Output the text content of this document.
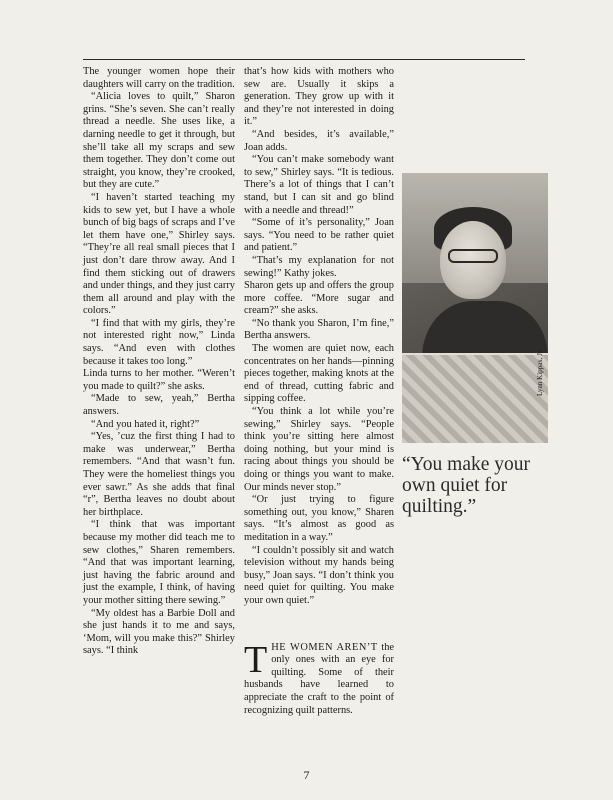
The younger women hope their daughters will carry on the tradition.

“Alicia loves to quilt,” Sharon grins. “She’s seven. She can’t really thread a needle. She uses like, a darning needle to get it through, but she’ll take all my scraps and sew them together. They don’t come out straight, you know, they’re crooked, but they are cute.”

“I haven’t started teaching my kids to sew yet, but I have a whole bunch of big bags of scraps and I’ve let them have one,” Shirley says. “They’re all real small pieces that I just don’t dare throw away. And I find them sticking out of drawers and under things, and they just carry them all around and play with the colors.”

“I find that with my girls, they’re not interested right now,” Linda says. “And even with clothes because it takes too long.”

Linda turns to her mother. “Weren’t you made to quilt?” she asks.

“Made to sew, yeah,” Bertha answers.

“And you hated it, right?”

“Yes, ’cuz the first thing I had to make was underwear,” Bertha remembers. “And that wasn’t fun. They were the homeliest things you ever sawr.” As she adds that final “r”, Bertha leaves no doubt about her birthplace.

“I think that was important because my mother did teach me to sew clothes,” Sharen remembers. “And that was important learning, just having the fabric around and just the example, I think, of having your mother sitting there sewing.”

“My oldest has a Barbie Doll and she just hands it to me and says, ‘Mom, will you make this?” Shirley says. “I think

that’s how kids with mothers who sew are. Usually it skips a generation. They grow up with it and they’re not interested in doing it.”

“And besides, it’s available,” Joan adds.

“You can’t make somebody want to sew,” Shirley says. “It is tedious. There’s a lot of things that I can’t stand, but I can sit and go blind with a needle and thread!”

“Some of it’s personality,” Joan says. “You need to be rather quiet and patient.”

“That’s my explanation for not sewing!” Kathy jokes.

Sharon gets up and offers the group more coffee. “More sugar and cream?” she asks.

“No thank you Sharon, I’m fine,” Bertha answers.

The women are quiet now, each concentrates on her hands—pinning pieces together, making knots at the end of thread, cutting fabric and sipping coffee.

“You think a lot while you’re sewing,” Shirley says. “People think you’re sitting here almost doing nothing, but your mind is racing about things you should be doing or things you want to make. Our minds never stop.”

“Or just trying to figure something out, you know,” Sharen says. “It’s almost as good as meditation in a way.”

“I couldn’t possibly sit and watch television without my hands being busy,” Joan says. “I don’t think you need quiet for quilting. You make your own quiet.”

T HE WOMEN AREN’T the only ones with an eye for quilting. Some of their husbands have learned to appreciate the craft to the point of recognizing quilt patterns.
Lynn Kippax, Jr.
“You make your own quiet for quilting.”
7
